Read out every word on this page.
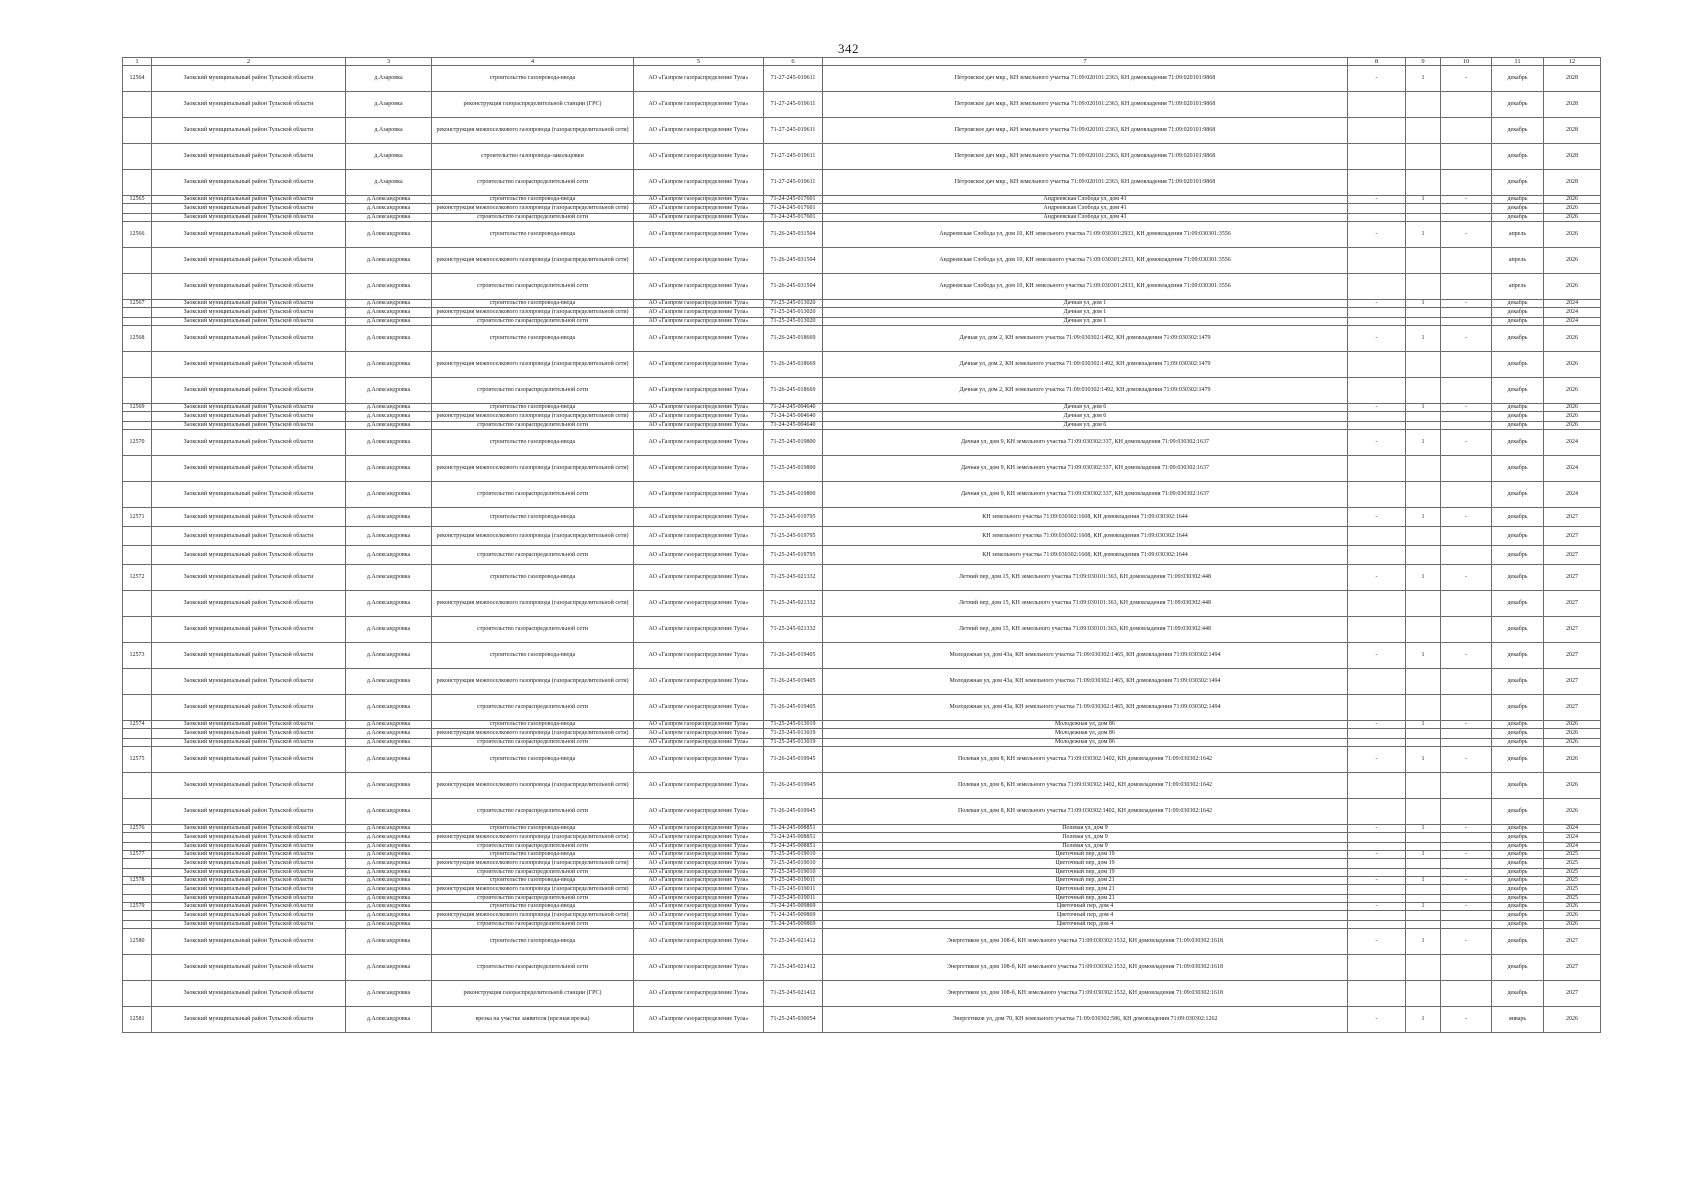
342
1	2	3	4	5	6	7	8	9	10	11	12
12564	Заокский муниципальный район Тульской области	д.Азаровка	строительство газопровода-ввода	АО «Газпром газораспределение Тула»	71-27-245-019611	Петровское дач мкр., КН земельного участка 71:09:020101:2363, КН домовладения 71:09:020101:9868	-	1	-	декабрь	2028
	Заокский муниципальный район Тульской области	д.Азаровка	реконструкция газораспределительной станции (ГРС)	АО «Газпром газораспределение Тула»	71-27-245-019611	Петровское дач мкр., КН земельного участка 71:09:020101:2363, КН домовладения 71:09:020101:9868				декабрь	2028
	Заокский муниципальный район Тульской области	д.Азаровка	реконструкция межпоселкового газопровода (газораспределительной сети)	АО «Газпром газораспределение Тула»	71-27-245-019611	Петровское дач мкр., КН земельного участка 71:09:020101:2363, КН домовладения 71:09:020101:9868				декабрь	2028
	Заокский муниципальный район Тульской области	д.Азаровка	строительство газопровода-закольцовки	АО «Газпром газораспределение Тула»	71-27-245-019611	Петровское дач мкр., КН земельного участка 71:09:020101:2363, КН домовладения 71:09:020101:9868				декабрь	2028
	Заокский муниципальный район Тульской области	д.Азаровка	строительство газораспределительной сети	АО «Газпром газораспределение Тула»	71-27-245-019611	Петровское дач мкр., КН земельного участка 71:09:020101:2363, КН домовладения 71:09:020101:9868				декабрь	2028
12565	Заокский муниципальный район Тульской области	д.Александровка	строительство газопровода-ввода	АО «Газпром газораспределение Тула»	71-24-245-017601	Андреевская Слобода ул, дом 41	-	1	-	декабрь	2026
	Заокский муниципальный район Тульской области	д.Александровка	реконструкция межпоселкового газопровода (газораспределительной сети)	АО «Газпром газораспределение Тула»	71-24-245-017601	Андреевская Слобода ул, дом 41				декабрь	2026
	Заокский муниципальный район Тульской области	д.Александровка	строительство газораспределительной сети	АО «Газпром газораспределение Тула»	71-24-245-017601	Андреевская Слобода ул, дом 41				декабрь	2026
12566	Заокский муниципальный район Тульской области	д.Александровка	строительство газопровода-ввода	АО «Газпром газораспределение Тула»	71-26-245-031504	Андреевская Слобода ул, дом 10, КН земельного участка 71:09:030301:2933, КН домовладения 71:09:030301:3556	-	1	-	апрель	2026
	Заокский муниципальный район Тульской области	д.Александровка	реконструкция межпоселкового газопровода (газораспределительной сети)	АО «Газпром газораспределение Тула»	71-26-245-031504	Андреевская Слобода ул, дом 10, КН земельного участка 71:09:030301:2933, КН домовладения 71:09:030301:3556				апрель	2026
	Заокский муниципальный район Тульской области	д.Александровка	строительство газораспределительной сети	АО «Газпром газораспределение Тула»	71-26-245-031504	Андреевская Слобода ул, дом 10, КН земельного участка 71:09:030301:2933, КН домовладения 71:09:030301:3556				апрель	2026
12567	Заокский муниципальный район Тульской области	д.Александровка	строительство газопровода-ввода	АО «Газпром газораспределение Тула»	71-25-245-013020	Дачная ул, дом 1	-	1	-	декабрь	2024
	Заокский муниципальный район Тульской области	д.Александровка	реконструкция межпоселкового газопровода (газораспределительной сети)	АО «Газпром газораспределение Тула»	71-25-245-013020	Дачная ул, дом 1				декабрь	2024
	Заокский муниципальный район Тульской области	д.Александровка	строительство газораспределительной сети	АО «Газпром газораспределение Тула»	71-25-245-013020	Дачная ул, дом 1				декабрь	2024
12568	Заокский муниципальный район Тульской области	д.Александровка	строительство газопровода-ввода	АО «Газпром газораспределение Тула»	71-26-245-018669	Дачная ул, дом 2, КН земельного участка 71:09:030302:1492, КН домовладения 71:09:030302:1479	-	1	-	декабрь	2026
	Заокский муниципальный район Тульской области	д.Александровка	реконструкция межпоселкового газопровода (газораспределительной сети)	АО «Газпром газораспределение Тула»	71-26-245-018669	Дачная ул, дом 2, КН земельного участка 71:09:030302:1492, КН домовладения 71:09:030302:1479				декабрь	2026
	Заокский муниципальный район Тульской области	д.Александровка	строительство газораспределительной сети	АО «Газпром газораспределение Тула»	71-26-245-018669	Дачная ул, дом 2, КН земельного участка 71:09:030302:1492, КН домовладения 71:09:030302:1479				декабрь	2026
12569	Заокский муниципальный район Тульской области	д.Александровка	строительство газопровода-ввода	АО «Газпром газораспределение Тула»	71-24-245-004640	Дачная ул, дом 6	-	1	-	декабрь	2026
	Заокский муниципальный район Тульской области	д.Александровка	реконструкция межпоселкового газопровода (газораспределительной сети)	АО «Газпром газораспределение Тула»	71-24-245-004640	Дачная ул, дом 6				декабрь	2026
	Заокский муниципальный район Тульской области	д.Александровка	строительство газораспределительной сети	АО «Газпром газораспределение Тула»	71-24-245-004640	Дачная ул, дом 6				декабрь	2026
12570	Заокский муниципальный район Тульской области	д.Александровка	строительство газопровода-ввода	АО «Газпром газораспределение Тула»	71-25-245-019800	Дачная ул, дом 9, КН земельного участка 71:09:030302:337, КН домовладения 71:09:030302:1637	-	1	-	декабрь	2024
	Заокский муниципальный район Тульской области	д.Александровка	реконструкция межпоселкового газопровода (газораспределительной сети)	АО «Газпром газораспределение Тула»	71-25-245-019800	Дачная ул, дом 9, КН земельного участка 71:09:030302:337, КН домовладения 71:09:030302:1637				декабрь	2024
	Заокский муниципальный район Тульской области	д.Александровка	строительство газораспределительной сети	АО «Газпром газораспределение Тула»	71-25-245-019800	Дачная ул, дом 9, КН земельного участка 71:09:030302:337, КН домовладения 71:09:030302:1637				декабрь	2024
12571	Заокский муниципальный район Тульской области	д.Александровка	строительство газопровода-ввода	АО «Газпром газораспределение Тула»	71-25-245-019795	КН земельного участка 71:09:030302:1608, КН домовладения 71:09:030302:1644	-	1	-	декабрь	2027
	Заокский муниципальный район Тульской области	д.Александровка	реконструкция межпоселкового газопровода (газораспределительной сети)	АО «Газпром газораспределение Тула»	71-25-245-019795	КН земельного участка 71:09:030302:1608, КН домовладения 71:09:030302:1644				декабрь	2027
	Заокский муниципальный район Тульской области	д.Александровка	строительство газораспределительной сети	АО «Газпром газораспределение Тула»	71-25-245-019795	КН земельного участка 71:09:030302:1608, КН домовладения 71:09:030302:1644				декабрь	2027
12572	Заокский муниципальный район Тульской области	д.Александровка	строительство газопровода-ввода	АО «Газпром газораспределение Тула»	71-25-245-021332	Летний пер, дом 15, КН земельного участка 71:09:030101:363, КН домовладения 71:09:030302:448	-	1	-	декабрь	2027
	Заокский муниципальный район Тульской области	д.Александровка	реконструкция межпоселкового газопровода (газораспределительной сети)	АО «Газпром газораспределение Тула»	71-25-245-021332	Летний пер, дом 15, КН земельного участка 71:09:030101:363, КН домовладения 71:09:030302:448				декабрь	2027
	Заокский муниципальный район Тульской области	д.Александровка	строительство газораспределительной сети	АО «Газпром газораспределение Тула»	71-25-245-021332	Летний пер, дом 15, КН земельного участка 71:09:030101:363, КН домовладения 71:09:030302:448				декабрь	2027
12573	Заокский муниципальный район Тульской области	д.Александровка	строительство газопровода-ввода	АО «Газпром газораспределение Тула»	71-26-245-019405	Молодежная ул, дом 43а, КН земельного участка 71:09:030302:1465, КН домовладения 71:09:030302:1494	-	1	-	декабрь	2027
	Заокский муниципальный район Тульской области	д.Александровка	реконструкция межпоселкового газопровода (газораспределительной сети)	АО «Газпром газораспределение Тула»	71-26-245-019405	Молодежная ул, дом 43а, КН земельного участка 71:09:030302:1465, КН домовладения 71:09:030302:1494				декабрь	2027
	Заокский муниципальный район Тульской области	д.Александровка	строительство газораспределительной сети	АО «Газпром газораспределение Тула»	71-26-245-019405	Молодежная ул, дом 43а, КН земельного участка 71:09:030302:1465, КН домовладения 71:09:030302:1494				декабрь	2027
12574	Заокский муниципальный район Тульской области	д.Александровка	строительство газопровода-ввода	АО «Газпром газораспределение Тула»	71-25-245-013019	Молодежная ул, дом 86	-	1	-	декабрь	2026
	Заокский муниципальный район Тульской области	д.Александровка	реконструкция межпоселкового газопровода (газораспределительной сети)	АО «Газпром газораспределение Тула»	71-25-245-013019	Молодежная ул, дом 86				декабрь	2026
	Заокский муниципальный район Тульской области	д.Александровка	строительство газораспределительной сети	АО «Газпром газораспределение Тула»	71-25-245-013019	Молодежная ул, дом 86				декабрь	2026
12575	Заокский муниципальный район Тульской области	д.Александровка	строительство газопровода-ввода	АО «Газпром газораспределение Тула»	71-26-245-019945	Полевая ул, дом 8, КН земельного участка 71:09:030302:1402, КН домовладения 71:09:030302:1642	-	1	-	декабрь	2026
	Заокский муниципальный район Тульской области	д.Александровка	реконструкция межпоселкового газопровода (газораспределительной сети)	АО «Газпром газораспределение Тула»	71-26-245-019945	Полевая ул, дом 8, КН земельного участка 71:09:030302:1402, КН домовладения 71:09:030302:1642				декабрь	2026
	Заокский муниципальный район Тульской области	д.Александровка	строительство газораспределительной сети	АО «Газпром газораспределение Тула»	71-26-245-019945	Полевая ул, дом 8, КН земельного участка 71:09:030302:1402, КН домовладения 71:09:030302:1642				декабрь	2026
12576	Заокский муниципальный район Тульской области	д.Александровка	строительство газопровода-ввода	АО «Газпром газораспределение Тула»	71-24-245-008851	Полевая ул, дом 9	-	1	-	декабрь	2024
	Заокский муниципальный район Тульской области	д.Александровка	реконструкция межпоселкового газопровода (газораспределительной сети)	АО «Газпром газораспределение Тула»	71-24-245-008851	Полевая ул, дом 9				декабрь	2024
	Заокский муниципальный район Тульской области	д.Александровка	строительство газораспределительной сети	АО «Газпром газораспределение Тула»	71-24-245-008851	Полевая ул, дом 9				декабрь	2024
12577	Заокский муниципальный район Тульской области	д.Александровка	строительство газопровода-ввода	АО «Газпром газораспределение Тула»	71-25-245-019010	Цветочный пер, дом 19	-	1	-	декабрь	2025
	Заокский муниципальный район Тульской области	д.Александровка	реконструкция межпоселкового газопровода (газораспределительной сети)	АО «Газпром газораспределение Тула»	71-25-245-019010	Цветочный пер, дом 19				декабрь	2025
	Заокский муниципальный район Тульской области	д.Александровка	строительство газораспределительной сети	АО «Газпром газораспределение Тула»	71-25-245-019010	Цветочный пер, дом 19				декабрь	2025
12578	Заокский муниципальный район Тульской области	д.Александровка	строительство газопровода-ввода	АО «Газпром газораспределение Тула»	71-25-245-019011	Цветочный пер, дом 21	-	1	-	декабрь	2025
	Заокский муниципальный район Тульской области	д.Александровка	реконструкция межпоселкового газопровода (газораспределительной сети)	АО «Газпром газораспределение Тула»	71-25-245-019011	Цветочный пер, дом 21				декабрь	2025
	Заокский муниципальный район Тульской области	д.Александровка	строительство газораспределительной сети	АО «Газпром газораспределение Тула»	71-25-245-019011	Цветочный пер, дом 21				декабрь	2025
12579	Заокский муниципальный район Тульской области	д.Александровка	строительство газопровода-ввода	АО «Газпром газораспределение Тула»	71-24-245-009869	Цветочный пер, дом 4	-	1	-	декабрь	2026
	Заокский муниципальный район Тульской области	д.Александровка	реконструкция межпоселкового газопровода (газораспределительной сети)	АО «Газпром газораспределение Тула»	71-24-245-009869	Цветочный пер, дом 4				декабрь	2026
	Заокский муниципальный район Тульской области	д.Александровка	строительство газораспределительной сети	АО «Газпром газораспределение Тула»	71-24-245-009869	Цветочный пер, дом 4				декабрь	2026
12580	Заокский муниципальный район Тульской области	д.Александровка	строительство газопровода-ввода	АО «Газпром газораспределение Тула»	71-25-245-021412	Энергетиков ул, дом 108-б, КН земельного участка 71:09:030302:1532, КН домовладения 71:09:030302:1618	-	1	-	декабрь	2027
	Заокский муниципальный район Тульской области	д.Александровка	строительство газораспределительной сети	АО «Газпром газораспределение Тула»	71-25-245-021412	Энергетиков ул, дом 108-б, КН земельного участка 71:09:030302:1532, КН домовладения 71:09:030302:1618				декабрь	2027
	Заокский муниципальный район Тульской области	д.Александровка	реконструкция газораспределительной станции (ГРС)	АО «Газпром газораспределение Тула»	71-25-245-021412	Энергетиков ул, дом 108-б, КН земельного участка 71:09:030302:1532, КН домовладения 71:09:030302:1618				декабрь	2027
12581	Заокский муниципальный район Тульской области	д.Александровка	врезка на участке заявителя (врезная врезка)	АО «Газпром газораспределение Тула»	71-25-245-030054	Энергетиков ул, дом 70, КН земельного участка 71:09:030302:586, КН домовладения 71:09:030302:1262	-	1	-	январь	2026
